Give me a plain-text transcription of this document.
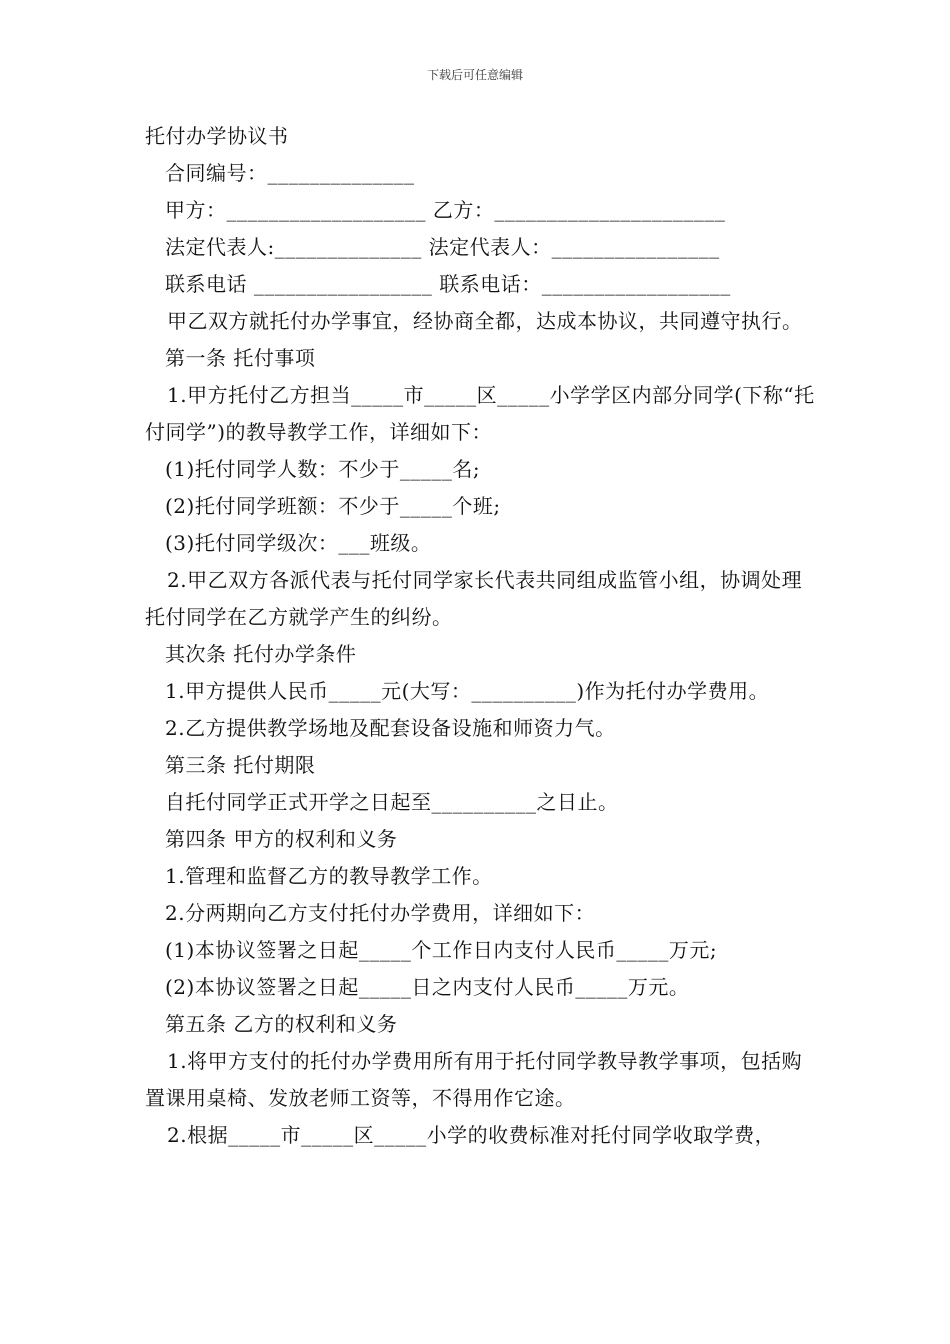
下载后可任意编辑

托付办学协议书

合同编号：______________

甲方：___________________ 乙方：______________________

法定代表人:______________ 法定代表人：________________

联系电话 _________________ 联系电话：__________________

甲乙双方就托付办学事宜，经协商全都，达成本协议，共同遵守执行。

第一条 托付事项

1.甲方托付乙方担当_____市_____区_____小学学区内部分同学(下称“托付同学”)的教导教学工作，详细如下：

(1)托付同学人数：不少于_____名;

(2)托付同学班额：不少于_____个班;

(3)托付同学级次：___班级。

2.甲乙双方各派代表与托付同学家长代表共同组成监管小组，协调处理托付同学在乙方就学产生的纠纷。

其次条 托付办学条件

1.甲方提供人民币_____元(大写：__________)作为托付办学费用。

2.乙方提供教学场地及配套设备设施和师资力气。

第三条 托付期限

自托付同学正式开学之日起至__________之日止。

第四条 甲方的权利和义务

1.管理和监督乙方的教导教学工作。

2.分两期向乙方支付托付办学费用，详细如下：

(1)本协议签署之日起_____个工作日内支付人民币_____万元;

(2)本协议签署之日起_____日之内支付人民币_____万元。

第五条 乙方的权利和义务

1.将甲方支付的托付办学费用所有用于托付同学教导教学事项，包括购置课用桌椅、发放老师工资等，不得用作它途。

2.根据_____市_____区_____小学的收费标准对托付同学收取学费，
